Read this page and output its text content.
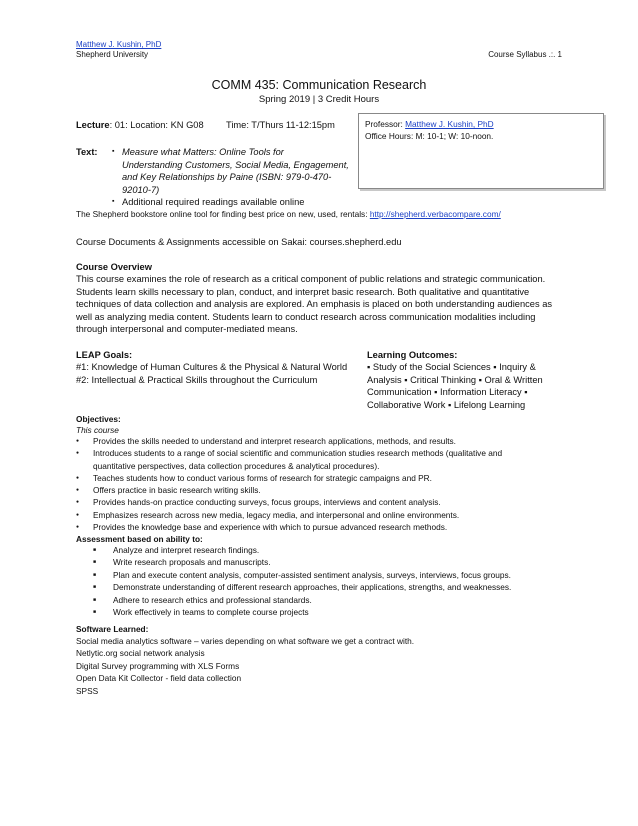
Matthew J. Kushin, PhD
Shepherd University	Course Syllabus .:. 1
COMM 435: Communication Research
Spring 2019 | 3 Credit Hours
Lecture: 01: Location: KN G08 Time: T/Thurs 11-12:15pm	Professor: Matthew J. Kushin, PhD
Office Hours: M: 10-1; W: 10-noon.
Text: ▪ Measure what Matters: Online Tools for
Understanding Customers, Social Media, Engagement,
and Key Relationships by Paine (ISBN: 979-0-470-
92010-7)
▪ Additional required readings available online
The Shepherd bookstore online tool for finding best price on new, used, rentals: http://shepherd.verbacompare.com/
Course Documents & Assignments accessible on Sakai: courses.shepherd.edu
Course Overview
This course examines the role of research as a critical component of public relations and strategic communication.
Students learn skills necessary to plan, conduct, and interpret basic research. Both qualitative and quantitative
techniques of data collection and analysis are explored. An emphasis is placed on both understanding audiences as
well as analyzing media content. Students learn to conduct research across communication modalities including
through interpersonal and computer-mediated means.
LEAP Goals:
#1: Knowledge of Human Cultures & the Physical & Natural World
#2: Intellectual & Practical Skills throughout the Curriculum
Learning Outcomes:
▪ Study of the Social Sciences ▪ Inquiry &
Analysis ▪ Critical Thinking ▪ Oral & Written
Communication ▪ Information Literacy ▪
Collaborative Work ▪ Lifelong Learning
Objectives:
This course
● Provides the skills needed to understand and interpret research applications, methods, and results.
● Introduces students to a range of social scientific and communication studies research methods (qualitative and
quantitative perspectives, data collection procedures & analytical procedures).
● Teaches students how to conduct various forms of research for strategic campaigns and PR.
● Offers practice in basic research writing skills.
● Provides hands-on practice conducting surveys, focus groups, interviews and content analysis.
● Emphasizes research across new media, legacy media, and interpersonal and online environments.
● Provides the knowledge base and experience with which to pursue advanced research methods.
Assessment based on ability to:
■ Analyze and interpret research findings.
■ Write research proposals and manuscripts.
■ Plan and execute content analysis, computer-assisted sentiment analysis, surveys, interviews, focus groups.
■ Demonstrate understanding of different research approaches, their applications, strengths, and weaknesses.
■ Adhere to research ethics and professional standards.
■ Work effectively in teams to complete course projects
Software Learned:
Social media analytics software – varies depending on what software we get a contract with.
Netlytic.org social network analysis
Digital Survey programming with XLS Forms
Open Data Kit Collector - field data collection
SPSS
